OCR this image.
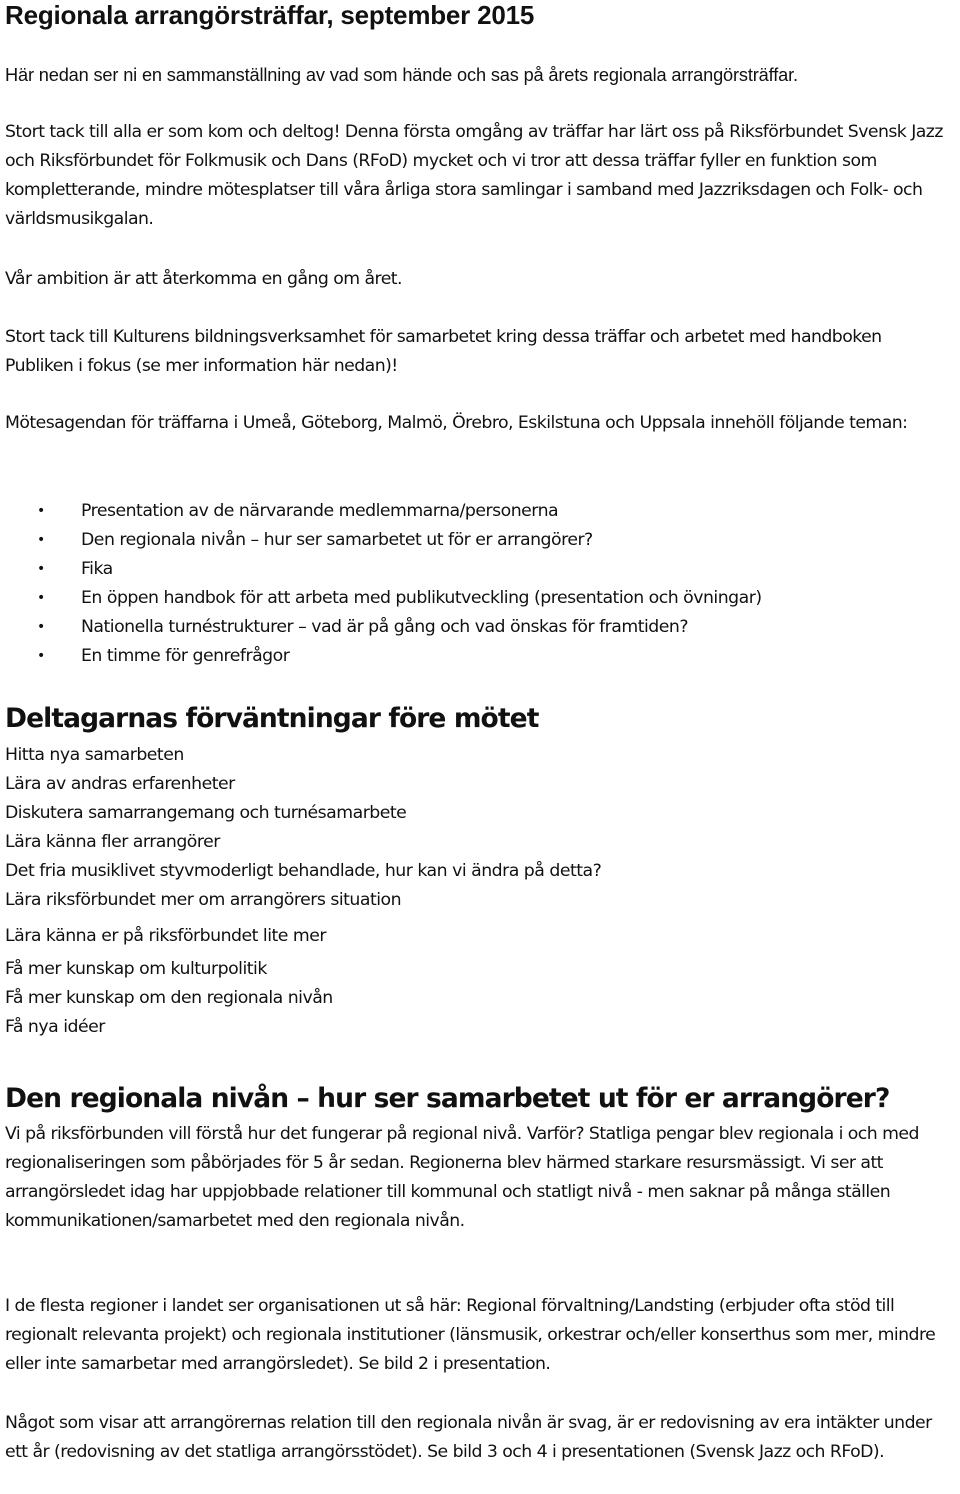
Regionala arrangörsträffar, september 2015

Här nedan ser ni en sammanställning av vad som hände och sas på årets regionala arrangörsträffar.

Stort tack till alla er som kom och deltog! Denna första omgång av träffar har lärt oss på Riksförbundet Svensk Jazz och Riksförbundet för Folkmusik och Dans (RFoD) mycket och vi tror att dessa träffar fyller en funktion som kompletterande, mindre mötesplatser till våra årliga stora samlingar i samband med Jazzriksdagen och Folk- och världsmusikgalan.

Vår ambition är att återkomma en gång om året.

Stort tack till Kulturens bildningsverksamhet för samarbetet kring dessa träffar och arbetet med handboken Publiken i fokus (se mer information här nedan)!

Mötesagendan för träffarna i Umeå, Göteborg, Malmö, Örebro, Eskilstuna och Uppsala innehöll följande teman:

• Presentation av de närvarande medlemmarna/personerna
• Den regionala nivån – hur ser samarbetet ut för er arrangörer?
• Fika
• En öppen handbok för att arbeta med publikutveckling (presentation och övningar)
• Nationella turnéstrukturer – vad är på gång och vad önskas för framtiden?
• En timme för genrefrågor
Deltagarnas förväntningar före mötet
Hitta nya samarbeten
Lära av andras erfarenheter
Diskutera samarrangemang och turnésamarbete
Lära känna fler arrangörer
Det fria musiklivet styvmoderligt behandlade, hur kan vi ändra på detta?
Lära riksförbundet mer om arrangörers situation
Lära känna er på riksförbundet lite mer
Få mer kunskap om kulturpolitik
Få mer kunskap om den regionala nivån
Få nya idéer
Den regionala nivån – hur ser samarbetet ut för er arrangörer?

Vi på riksförbunden vill förstå hur det fungerar på regional nivå. Varför? Statliga pengar blev regionala i och med regionaliseringen som påbörjades för 5 år sedan. Regionerna blev härmed starkare resursmässigt. Vi ser att arrangörsledet idag har uppjobbade relationer till kommunal och statligt nivå - men saknar på många ställen kommunikationen/samarbetet med den regionala nivån.

I de flesta regioner i landet ser organisationen ut så här: Regional förvaltning/Landsting (erbjuder ofta stöd till regionalt relevanta projekt) och regionala institutioner (länsmusik, orkestrar och/eller konserthus som mer, mindre eller inte samarbetar med arrangörsledet). Se bild 2 i presentation.

Något som visar att arrangörernas relation till den regionala nivån är svag, är er redovisning av era intäkter under ett år (redovisning av det statliga arrangörsstödet). Se bild 3 och 4 i presentationen (Svensk Jazz och RFoD).
